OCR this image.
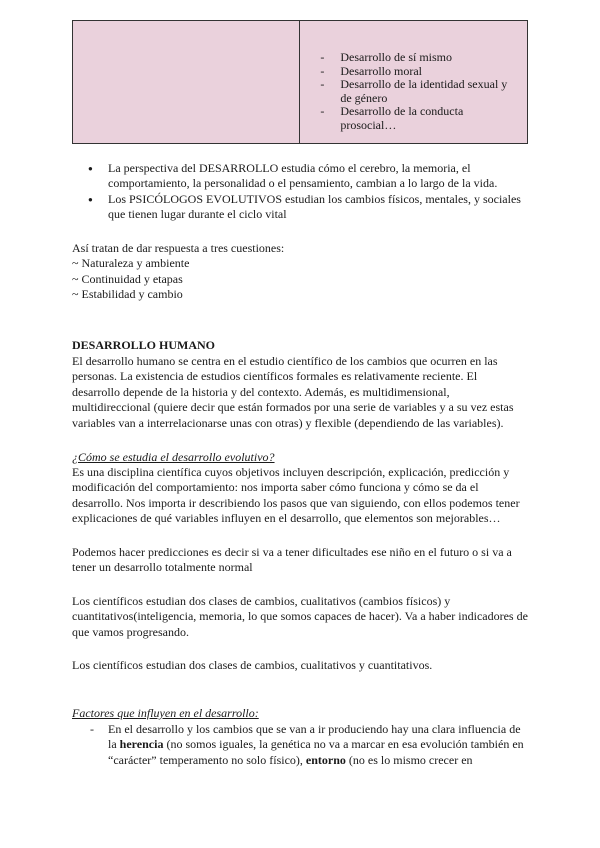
- Desarrollo de sí mismo
- Desarrollo moral
- Desarrollo de la identidad sexual y de género
- Desarrollo de la conducta prosocial…
● La perspectiva del DESARROLLO estudia cómo el cerebro, la memoria, el comportamiento, la personalidad o el pensamiento, cambian a lo largo de la vida.
● Los PSICÓLOGOS EVOLUTIVOS estudian los cambios físicos, mentales, y sociales que tienen lugar durante el ciclo vital
Así tratan de dar respuesta a tres cuestiones:
~ Naturaleza y ambiente
~ Continuidad y etapas
~ Estabilidad y cambio
DESARROLLO HUMANO

El desarrollo humano se centra en el estudio científico de los cambios que ocurren en las personas. La existencia de estudios científicos formales es relativamente reciente. El desarrollo depende de la historia y del contexto. Además, es multidimensional, multidireccional (quiere decir que están formados por una serie de variables y a su vez estas variables van a interrelacionarse unas con otras) y flexible (dependiendo de las variables).

¿Cómo se estudia el desarrollo evolutivo?

Es una disciplina científica cuyos objetivos incluyen descripción, explicación, predicción y modificación del comportamiento: nos importa saber cómo funciona y cómo se da el desarrollo. Nos importa ir describiendo los pasos que van siguiendo, con ellos podemos tener explicaciones de qué variables influyen en el desarrollo, que elementos son mejorables…

Podemos hacer predicciones es decir si va a tener dificultades ese niño en el futuro o si va a tener un desarrollo totalmente normal

Los científicos estudian dos clases de cambios, cualitativos (cambios físicos) y cuantitativos(inteligencia, memoria, lo que somos capaces de hacer). Va a haber indicadores de que vamos progresando.

Los científicos estudian dos clases de cambios, cualitativos y cuantitativos.

Factores que influyen en el desarrollo:
- En el desarrollo y los cambios que se van a ir produciendo hay una clara influencia de la herencia (no somos iguales, la genética no va a marcar en esa evolución también en “carácter” temperamento no solo físico), entorno (no es lo mismo crecer en
